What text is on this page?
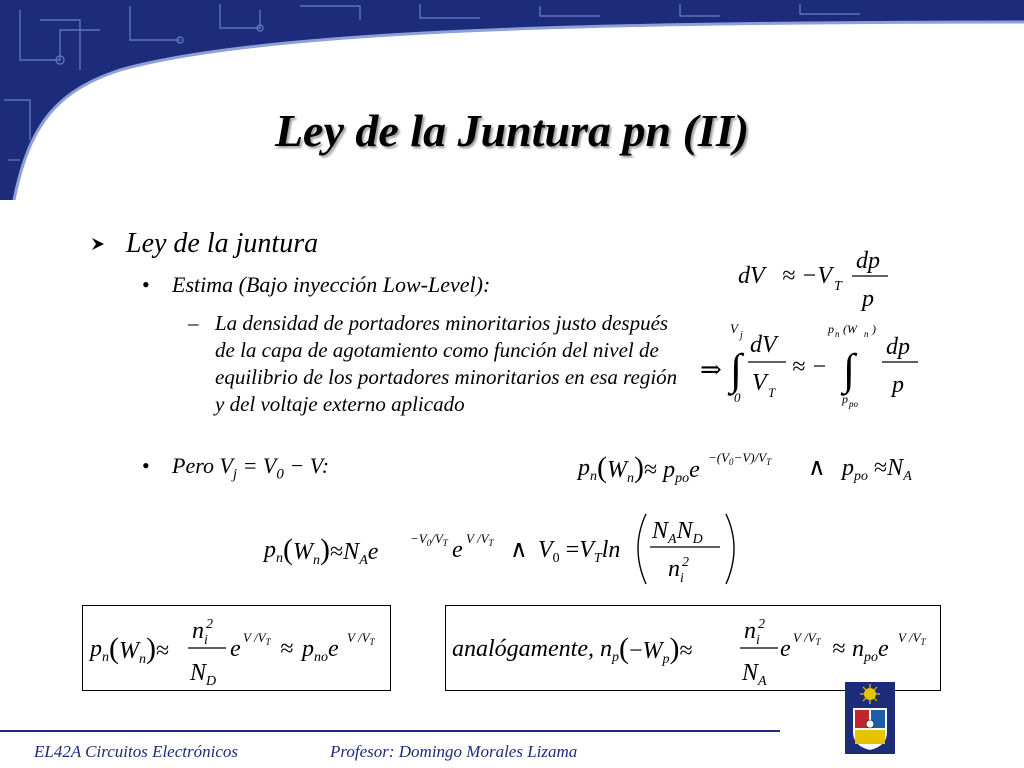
Ley de la Juntura pn (II)
Ley de la juntura
• Estima (Bajo inyección Low-Level):
– La densidad de portadores minoritarios justo después de la capa de agotamiento como función del nivel de equilibrio de los portadores minoritarios en esa región y del voltaje externo aplicado
• Pero $V_j = V_0 - V$:
dV ≈ −V T
dp
p
⇒ ∫
V j
0
dV
V T
≈ − ∫
p n (W n )
p po
dp
p
$p_n(W_n)\approx p_{po}e -(V_0-V)/V_T$ ∧ $p_{po} \approx N_A$
$p_n(W_n)\approx N_Ae$
$-V_0/V_T$ e V $/V_T$ ∧ $V_0 =V_T\ln$
$N_AN_D$
$n_i$
2
$p_n(W_n)\approx$
$n_i$
2
$N_D$
e V $/V_T \approx p_{no}e$ V $/V_T$	analógamente, $n_p(-W_p)\approx$
$n_i$
2
$N_A$
e V $/V_T \approx n_{po}e$ V $/V_T$
EL42A Circuitos Electrónicos	Profesor: Domingo Morales Lizama
